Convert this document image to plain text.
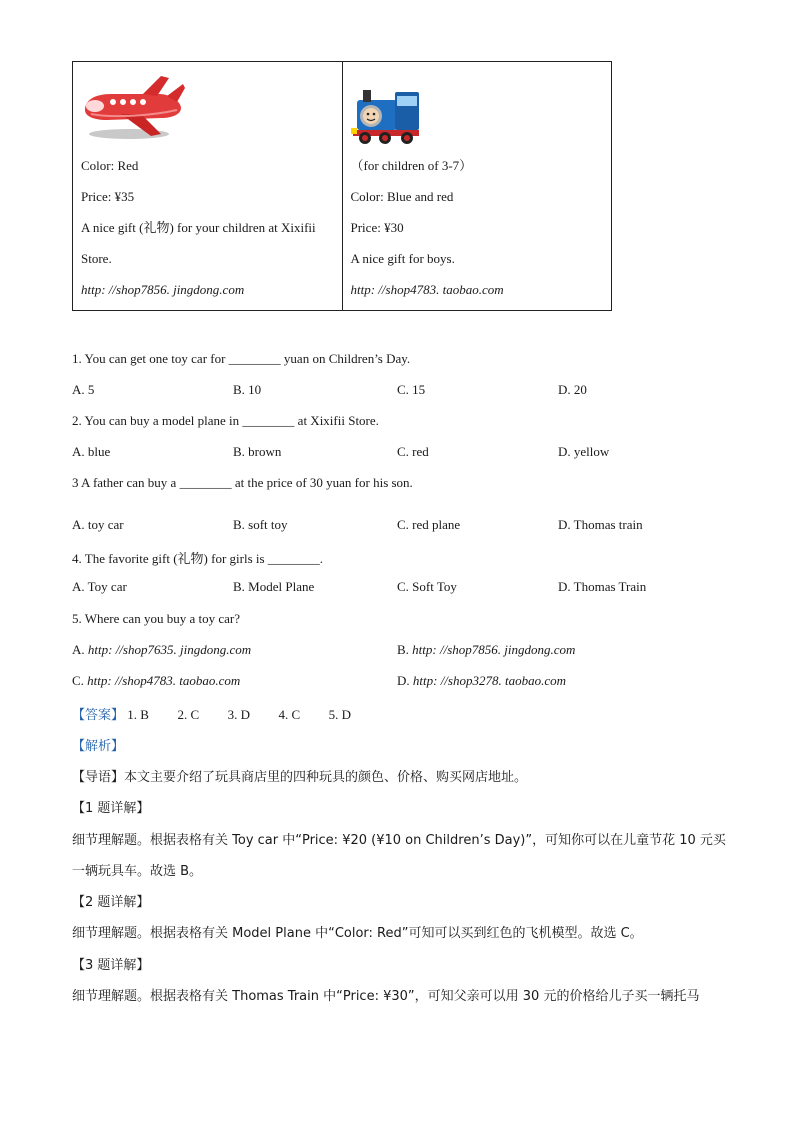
Color: Red
Price: ¥35
A nice gift (礼物) for your children at Xixifii
Store.
http: //shop7856. jingdong.com

（for children of 3-7）
Color: Blue and red
Price: ¥30
A nice gift for boys.
http: //shop4783. taobao.com
1. You can get one toy car for ________ yuan on Children’s Day.
A. 5	B. 10	C. 15	D. 20
2. You can buy a model plane in ________ at Xixifii Store.
A. blue	B. brown	C. red	D. yellow
3 A father can buy a ________ at the price of 30 yuan for his son.
A. toy car	B. soft toy	C. red plane	D. Thomas train
4. The favorite gift (礼物) for girls is ________.
A. Toy car	B. Model Plane	C. Soft Toy	D. Thomas Train
5. Where can you buy a toy car?
A. http: //shop7635. jingdong.com	B. http: //shop7856. jingdong.com
C. http: //shop4783. taobao.com	D. http: //shop3278. taobao.com
【答案】 1. B 2. C 3. D 4. C 5. D
【解析】
【导语】本文主要介绍了玩具商店里的四种玩具的颜色、价格、购买网店地址。
【1 题详解】
细节理解题。根据表格有关 Toy car 中“Price: ¥20 (¥10 on Children’s Day)”，可知你可以在儿童节花 10 元买
一辆玩具车。故选 B。
【2 题详解】
细节理解题。根据表格有关 Model Plane 中“Color: Red”可知可以买到红色的飞机模型。故选 C。
【3 题详解】
细节理解题。根据表格有关 Thomas Train 中“Price: ¥30”，可知父亲可以用 30 元的价格给儿子买一辆托马
